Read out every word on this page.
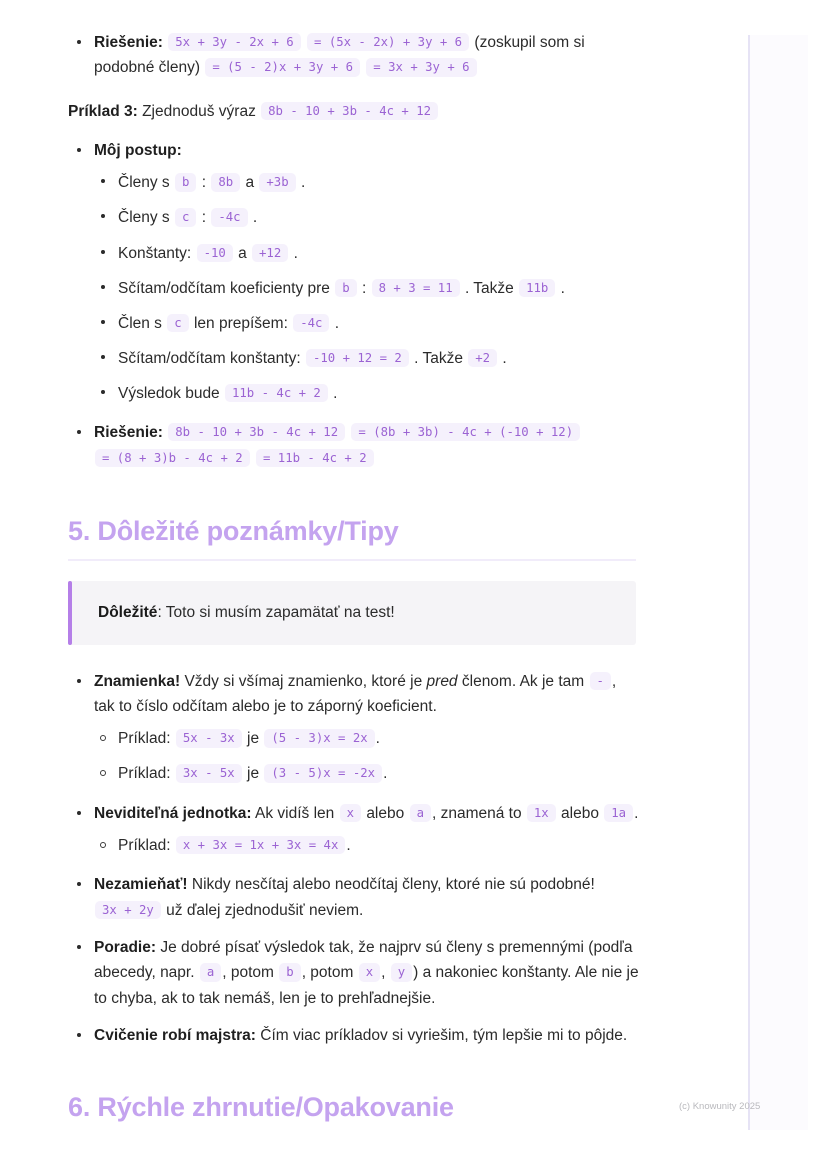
Riešenie: 5x + 3y - 2x + 6 = (5x - 2x) + 3y + 6 (zoskupil som si podobné členy) = (5 - 2)x + 3y + 6 = 3x + 3y + 6

Príklad 3: Zjednoduš výraz 8b - 10 + 3b - 4c + 12

Môj postup:
Členy s b : 8b a +3b .
Členy s c : -4c .
Konštanty: -10 a +12 .
Sčítam/odčítam koeficienty pre b : 8 + 3 = 11 . Takže 11b .
Člen s c len prepíšem: -4c .
Sčítam/odčítam konštanty: -10 + 12 = 2 . Takže +2 .
Výsledok bude 11b - 4c + 2 .
Riešenie: 8b - 10 + 3b - 4c + 12 = (8b + 3b) - 4c + (-10 + 12) = (8 + 3)b - 4c + 2 = 11b - 4c + 2
5. Dôležité poznámky/Tipy
Dôležité: Toto si musím zapamätať na test!
Znamienka! Vždy si všímaj znamienko, ktoré je pred členom. Ak je tam - , tak to číslo odčítam alebo je to záporný koeficient.
Príklad: 5x - 3x je (5 - 3)x = 2x .
Príklad: 3x - 5x je (3 - 5)x = -2x .
Neviditeľná jednotka: Ak vidíš len x alebo a , znamená to 1x alebo 1a .
Príklad: x + 3x = 1x + 3x = 4x .
Nezamieňať! Nikdy nesčítaj alebo neodčítaj členy, ktoré nie sú podobné! 3x + 2y už ďalej zjednodušiť neviem.
Poradie: Je dobré písať výsledok tak, že najprv sú členy s premennými (podľa abecedy, napr. a , potom b , potom x , y ) a nakoniec konštanty. Ale nie je to chyba, ak to tak nemáš, len je to prehľadnejšie.
Cvičenie robí majstra: Čím viac príkladov si vyriešim, tým lepšie mi to pôjde.
6. Rýchle zhrnutie/Opakovanie	(c) Knowunity 2025
